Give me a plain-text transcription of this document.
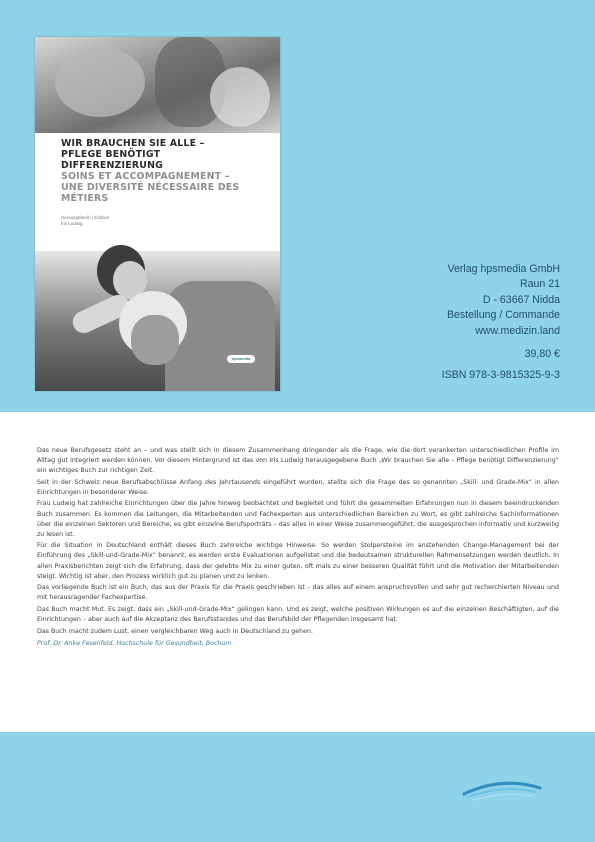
WIR BRAUCHEN SIE ALLE –
PFLEGE BENÖTIGT DIFFERENZIERUNG

SOINS ET ACCOMPAGNEMENT –
UNE DIVERSITÉ NÉCESSAIRE DES MÉTIERS

Herausgeberin | Éditrice
Iris Ludwig
hpsmedia
Verlag hpsmedia GmbH
Raun 21
D - 63667 Nidda
Bestellung / Commande
www.medizin.land
39,80 €
ISBN 978-3-9815325-9-3

Das neue Berufsgesetz steht an – und was stellt sich in diesem Zusammenhang dringender als die Frage, wie die dort verankerten unterschiedlichen Profile im Alltag gut integriert werden können. Vor diesem Hintergrund ist das von Iris Ludwig herausgegebene Buch „Wir brauchen Sie alle – Pflege benötigt Differenzierung“ ein wichtiges Buch zur richtigen Zeit.

Seit in der Schweiz neue Berufsabschlüsse Anfang des Jahrtausends eingeführt wurden, stellte sich die Frage des so genannten „Skill- und Grade-Mix“ in allen Einrichtungen in besonderer Weise.

Frau Ludwig hat zahlreiche Einrichtungen über die Jahre hinweg beobachtet und begleitet und führt die gesammelten Erfahrungen nun in diesem beeindruckenden Buch zusammen. Es kommen die Leitungen, die Mitarbeitenden und Fachexperten aus unterschiedlichen Bereichen zu Wort, es gibt zahlreiche Sachinformationen über die einzelnen Sektoren und Bereiche, es gibt einzelne Berufsporträts – das alles in einer Weise zusammengeführt, die ausgesprochen informativ und kurzweilig zu lesen ist.

Für die Situation in Deutschland enthält dieses Buch zahlreiche wichtige Hinweise. So werden Stolpersteine im anstehenden Change-Management bei der Einführung des „Skill-und-Grade-Mix“ benannt, es werden erste Evaluationen aufgelistet und die bedeutsamen strukturellen Rahmensetzungen werden deutlich. In allen Praxisberichten zeigt sich die Erfahrung, dass der gelebte Mix zu einer guten, oft mals zu einer besseren Qualität führt und die Motivation der Mitarbeitenden steigt. Wichtig ist aber, den Prozess wirklich gut zu planen und zu lenken.

Das vorliegende Buch ist ein Buch, das aus der Praxis für die Praxis geschrieben ist – das alles auf einem anspruchsvollen und sehr gut recherchierten Niveau und mit herausragender Fachexpertise.

Das Buch macht Mut. Es zeigt, dass ein „Skill-und-Grade-Mix“ gelingen kann. Und es zeigt, welche positiven Wirkungen es auf die einzelnen Beschäftigten, auf die Einrichtungen – aber auch auf die Akzeptanz des Berufsstandes und das Berufsbild der Pflegenden insgesamt hat.

Das Buch macht zudem Lust, einen vergleichbaren Weg auch in Deutschland zu gehen.

Prof. Dr. Anke Fesenfeld, Hochschule für Gesundheit, Bochum
